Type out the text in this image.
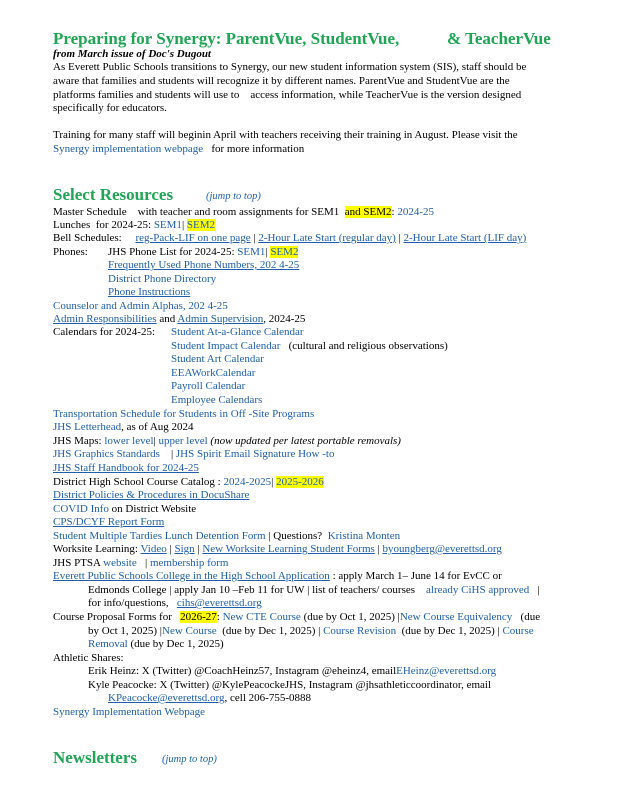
Preparing for Synergy: ParentVue, StudentVue,	& TeacherVue
from March issue of Doc's Dugout
As Everett Public Schools transitions to Synergy, our new student information system (SIS), staff should be
aware that families and students will recognize it by different names. ParentVue and StudentVue are the
platforms families and students will use to access information, while TeacherVue is the version designed
specifically for educators.
Training for many staff will beginin April with teachers receiving their training in August. Please visit the
Synergy implementation webpage for more information
Select Resources	(jump to top)
Master Schedule with teacher and room assignments for SEM1 and SEM2: 2024-25
Lunches for 2024-25: SEM1| SEM2
Bell Schedules: reg-Pack-LIF on one page | 2-Hour Late Start (regular day) | 2-Hour Late Start (LIF day)
Phones: JHS Phone List for 2024-25: SEM1| SEM2
Frequently Used Phone Numbers, 202 4-25
District Phone Directory
Phone Instructions
Counselor and Admin Alphas, 202 4-25
Admin Responsibilities and Admin Supervision, 2024-25
Calendars for 2024-25: Student At-a-Glance Calendar
Student Impact Calendar (cultural and religious observations)
Student Art Calendar
EEAWorkCalendar
Payroll Calendar
Employee Calendars
Transportation Schedule for Students in Off -Site Programs
JHS Letterhead, as of Aug 2024
JHS Maps: lower level| upper level (now updated per latest portable removals)
JHS Graphics Standards | JHS Spirit Email Signature How -to
JHS Staff Handbook for 2024-25
District High School Course Catalog : 2024-2025| 2025-2026
District Policies & Procedures in DocuShare
COVID Info on District Website
CPS/DCYF Report Form
Student Multiple Tardies Lunch Detention Form | Questions? Kristina Monten
Worksite Learning: Video | Sign | New Worksite Learning Student Forms | byoungberg@everettsd.org
JHS PTSA website | membership form
Everett Public Schools College in the High School Application : apply March 1– June 14 for EvCC or
Edmonds College | apply Jan 10 –Feb 11 for UW | list of teachers/ courses already CiHS approved |
for info/questions, cihs@everettsd.org
Course Proposal Forms for 2026-27: New CTE Course (due by Oct 1, 2025) |New Course Equivalency (due
by Oct 1, 2025) |New Course (due by Dec 1, 2025) | Course Revision (due by Dec 1, 2025) | Course
Removal (due by Dec 1, 2025)
Athletic Shares:
Erik Heinz: X (Twitter) @CoachHeinz57, Instagram @eheinz4, emailEHeinz@everettsd.org
Kyle Peacocke: X (Twitter) @KylePeacockeJHS, Instagram @jhsathleticcoordinator, email
KPeacocke@everettsd.org, cell 206-755-0888
Synergy Implementation Webpage
Newsletters (jump to top)
